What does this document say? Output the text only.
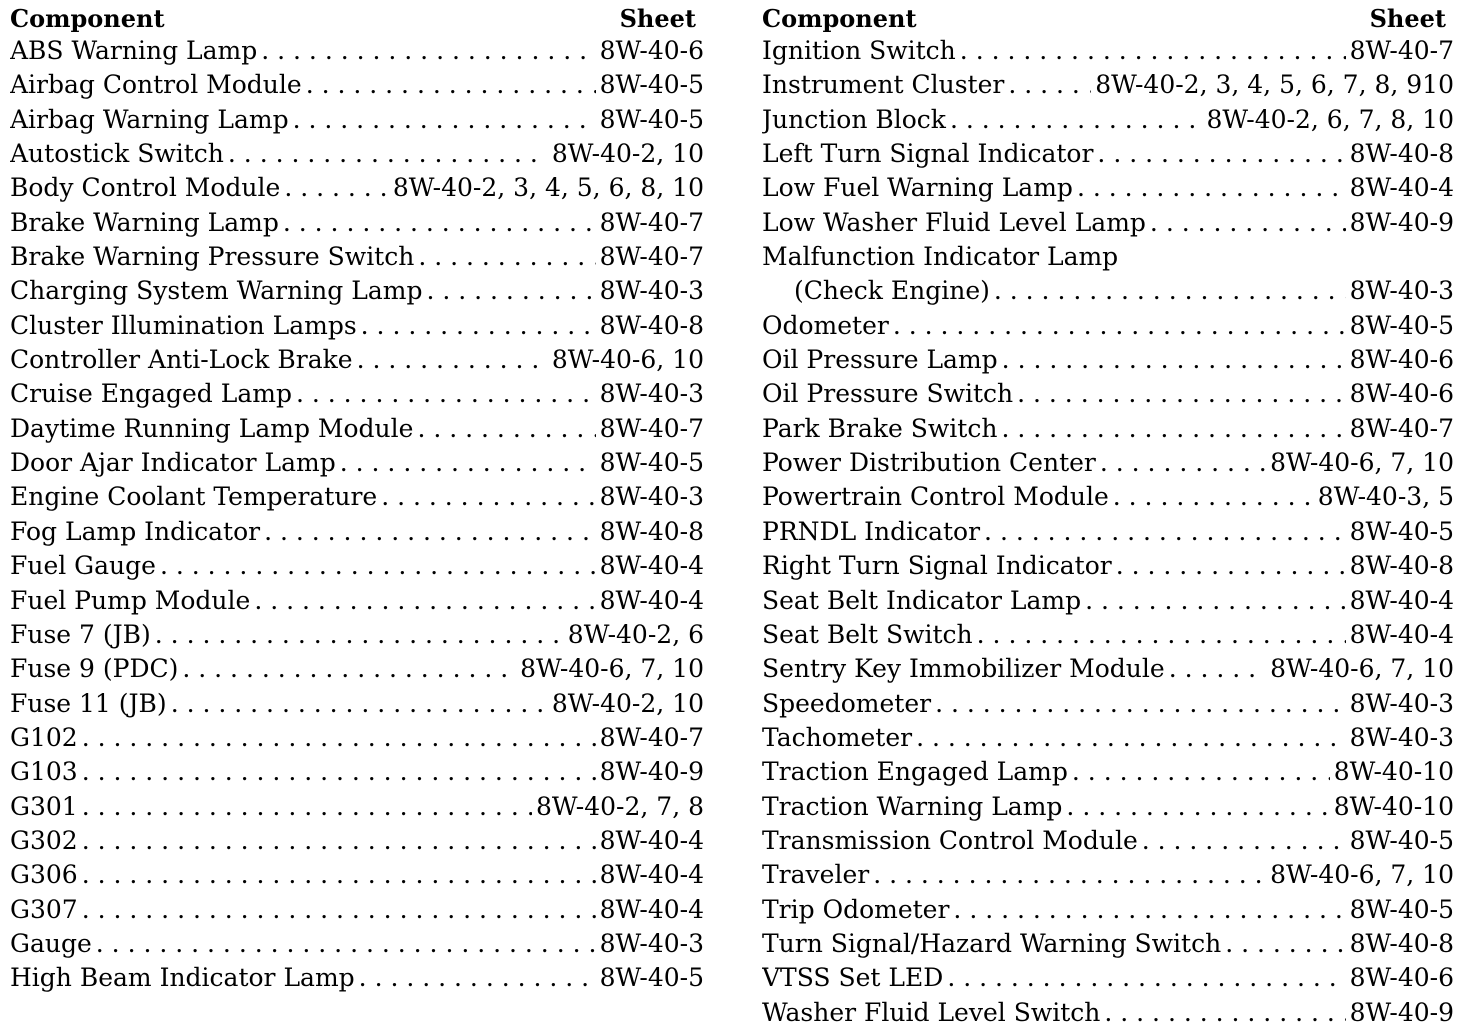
Component	Sheet
ABS Warning Lamp . . .	8W-40-6
Airbag Control Module . . .	8W-40-5
Airbag Warning Lamp . . .	8W-40-5
Autostick Switch . . .	8W-40-2, 10
Body Control Module . . .	8W-40-2, 3, 4, 5, 6, 8, 10
Brake Warning Lamp . . .	8W-40-7
Brake Warning Pressure Switch . . .	8W-40-7
Charging System Warning Lamp . . .	8W-40-3
Cluster Illumination Lamps . . .	8W-40-8
Controller Anti-Lock Brake . . .	8W-40-6, 10
Cruise Engaged Lamp . . .	8W-40-3
Daytime Running Lamp Module . . .	8W-40-7
Door Ajar Indicator Lamp . . .	8W-40-5
Engine Coolant Temperature . . .	8W-40-3
Fog Lamp Indicator . . .	8W-40-8
Fuel Gauge . . .	8W-40-4
Fuel Pump Module . . .	8W-40-4
Fuse 7 (JB) . . .	8W-40-2, 6
Fuse 9 (PDC) . . .	8W-40-6, 7, 10
Fuse 11 (JB) . . .	8W-40-2, 10
G102 . . .	8W-40-7
G103 . . .	8W-40-9
G301 . . .	8W-40-2, 7, 8
G302 . . .	8W-40-4
G306 . . .	8W-40-4
G307 . . .	8W-40-4
Gauge . . .	8W-40-3
High Beam Indicator Lamp . . .	8W-40-5
Component	Sheet
Ignition Switch . . .	8W-40-7
Instrument Cluster . . .	8W-40-2, 3, 4, 5, 6, 7, 8, 910
Junction Block . . .	8W-40-2, 6, 7, 8, 10
Left Turn Signal Indicator . . .	8W-40-8
Low Fuel Warning Lamp . . .	8W-40-4
Low Washer Fluid Level Lamp . . .	8W-40-9
Malfunction Indicator Lamp
(Check Engine) . . .	8W-40-3
Odometer . . .	8W-40-5
Oil Pressure Lamp . . .	8W-40-6
Oil Pressure Switch . . .	8W-40-6
Park Brake Switch . . .	8W-40-7
Power Distribution Center . . .	8W-40-6, 7, 10
Powertrain Control Module . . .	8W-40-3, 5
PRNDL Indicator . . .	8W-40-5
Right Turn Signal Indicator . . .	8W-40-8
Seat Belt Indicator Lamp . . .	8W-40-4
Seat Belt Switch . . .	8W-40-4
Sentry Key Immobilizer Module . . .	8W-40-6, 7, 10
Speedometer . . .	8W-40-3
Tachometer . . .	8W-40-3
Traction Engaged Lamp . . .	8W-40-10
Traction Warning Lamp . . .	8W-40-10
Transmission Control Module . . .	8W-40-5
Traveler . . .	8W-40-6, 7, 10
Trip Odometer . . .	8W-40-5
Turn Signal/Hazard Warning Switch . . .	8W-40-8
VTSS Set LED . . .	8W-40-6
Washer Fluid Level Switch . . .	8W-40-9
